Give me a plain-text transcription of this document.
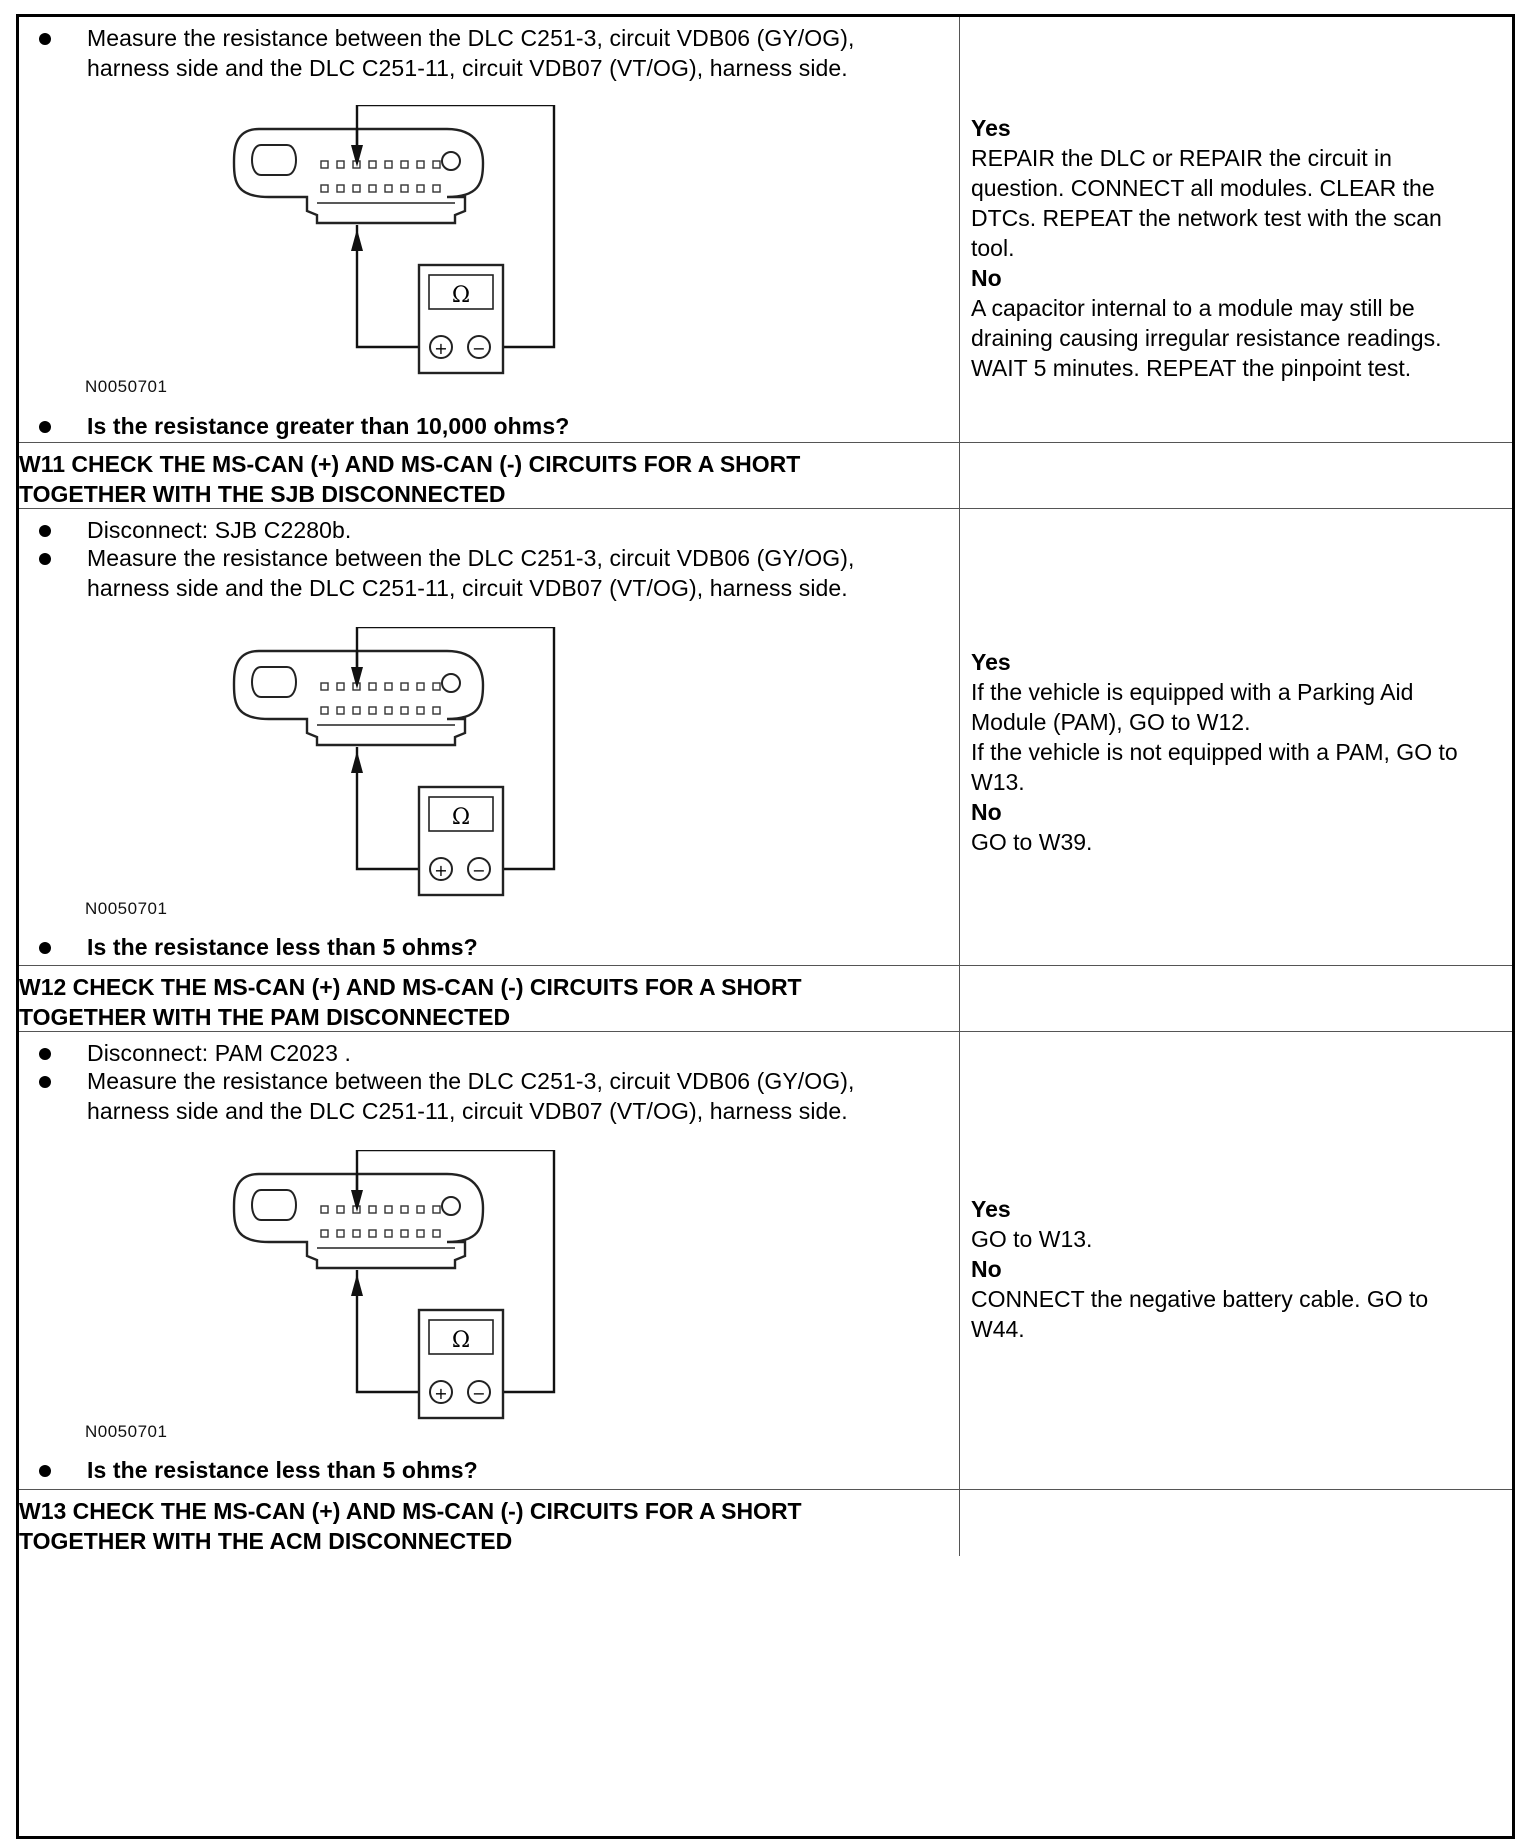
Measure the resistance between the DLC C251-3, circuit VDB06 (GY/OG),
harness side and the DLC C251-11, circuit VDB07 (VT/OG), harness side.
Ω
+ −
N0050701
Is the resistance greater than 10,000 ohms?
Yes
REPAIR the DLC or REPAIR the circuit in
question. CONNECT all modules. CLEAR the
DTCs. REPEAT the network test with the scan
tool.
No
A capacitor internal to a module may still be
draining causing irregular resistance readings.
WAIT 5 minutes. REPEAT the pinpoint test.
W11 CHECK THE MS-CAN (+) AND MS-CAN (-) CIRCUITS FOR A SHORT
TOGETHER WITH THE SJB DISCONNECTED
Disconnect: SJB C2280b.
Measure the resistance between the DLC C251-3, circuit VDB06 (GY/OG),
harness side and the DLC C251-11, circuit VDB07 (VT/OG), harness side.
Ω
+ −
N0050701
Is the resistance less than 5 ohms?
Yes
If the vehicle is equipped with a Parking Aid
Module (PAM), GO to W12.
If the vehicle is not equipped with a PAM, GO to
W13.
No
GO to W39.
W12 CHECK THE MS-CAN (+) AND MS-CAN (-) CIRCUITS FOR A SHORT
TOGETHER WITH THE PAM DISCONNECTED
Disconnect: PAM C2023 .
Measure the resistance between the DLC C251-3, circuit VDB06 (GY/OG),
harness side and the DLC C251-11, circuit VDB07 (VT/OG), harness side.
Ω
+ −
N0050701
Is the resistance less than 5 ohms?
Yes
GO to W13.
No
CONNECT the negative battery cable. GO to
W44.
W13 CHECK THE MS-CAN (+) AND MS-CAN (-) CIRCUITS FOR A SHORT
TOGETHER WITH THE ACM DISCONNECTED
